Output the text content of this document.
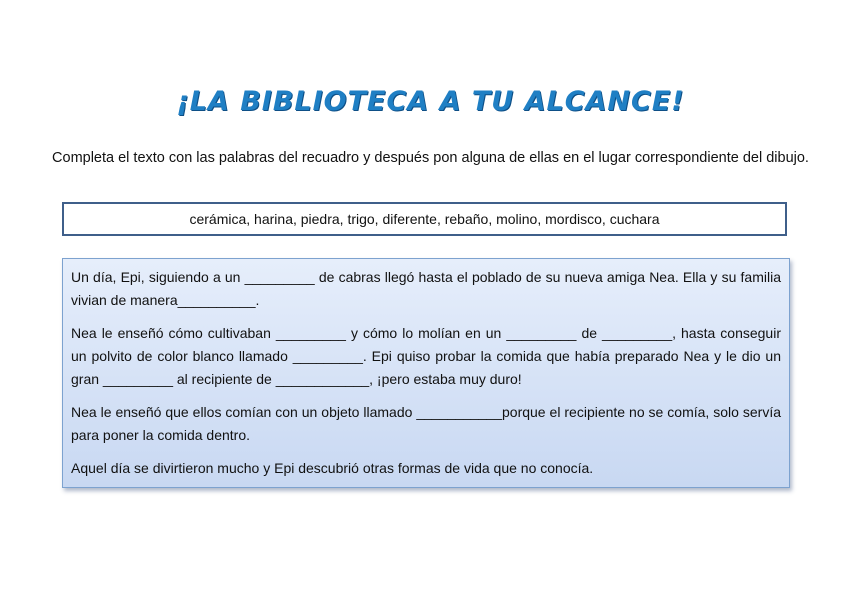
¡LA BIBLIOTECA A TU ALCANCE!
Completa el texto con las palabras del recuadro y después pon alguna de ellas en el lugar correspondiente del dibujo.
cerámica, harina, piedra, trigo, diferente, rebaño, molino, mordisco, cuchara

Un día, Epi, siguiendo a un _________ de cabras llegó hasta el poblado de su nueva amiga Nea. Ella y su familia vivian de manera__________.

Nea le enseñó cómo cultivaban _________ y cómo lo molían en un _________ de _________, hasta conseguir un polvito de color blanco llamado _________. Epi quiso probar la comida que había preparado Nea y le dio un gran _________ al recipiente de ____________, ¡pero estaba muy duro!

Nea le enseñó que ellos comían con un objeto llamado ___________porque el recipiente no se comía, solo servía para poner la comida dentro.

Aquel día se divirtieron mucho y Epi descubrió otras formas de vida que no conocía.
